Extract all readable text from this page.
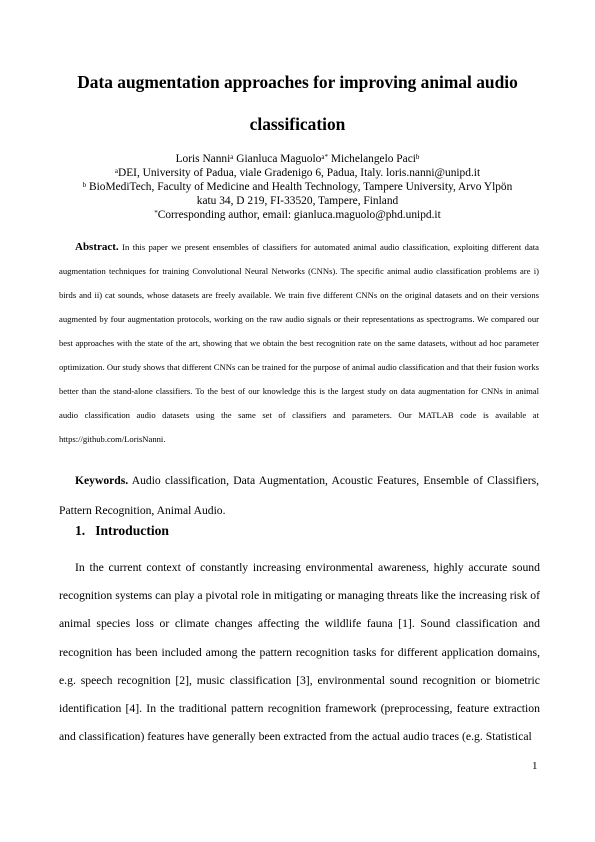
Data augmentation approaches for improving animal audio
classification

Loris Nanni$^a$ Gianluca Maguolo$^{a*}$ Michelangelo Paci$^b$

$^a$DEI, University of Padua, viale Gradenigo 6, Padua, Italy. loris.nanni@unipd.it

$^b$ BioMediTech, Faculty of Medicine and Health Technology, Tampere University, Arvo Ylpön

katu 34, D 219, FI-33520, Tampere, Finland

*Corresponding author, email: gianluca.maguolo@phd.unipd.it

Abstract. In this paper we present ensembles of classifiers for automated animal audio classification, exploiting different data augmentation techniques for training Convolutional Neural Networks (CNNs). The specific animal audio classification problems are i) birds and ii) cat sounds, whose datasets are freely available. We train five different CNNs on the original datasets and on their versions augmented by four augmentation protocols, working on the raw audio signals or their representations as spectrograms. We compared our best approaches with the state of the art, showing that we obtain the best recognition rate on the same datasets, without ad hoc parameter optimization. Our study shows that different CNNs can be trained for the purpose of animal audio classification and that their fusion works better than the stand-alone classifiers. To the best of our knowledge this is the largest study on data augmentation for CNNs in animal audio classification audio datasets using the same set of classifiers and parameters. Our MATLAB code is available at https://github.com/LorisNanni.

Keywords. Audio classification, Data Augmentation, Acoustic Features, Ensemble of Classifiers, Pattern Recognition, Animal Audio.

1. Introduction

In the current context of constantly increasing environmental awareness, highly accurate sound recognition systems can play a pivotal role in mitigating or managing threats like the increasing risk of animal species loss or climate changes affecting the wildlife fauna [1]. Sound classification and recognition has been included among the pattern recognition tasks for different application domains, e.g. speech recognition [2], music classification [3], environmental sound recognition or biometric identification [4]. In the traditional pattern recognition framework (preprocessing, feature extraction and classification) features have generally been extracted from the actual audio traces (e.g. Statistical

1
